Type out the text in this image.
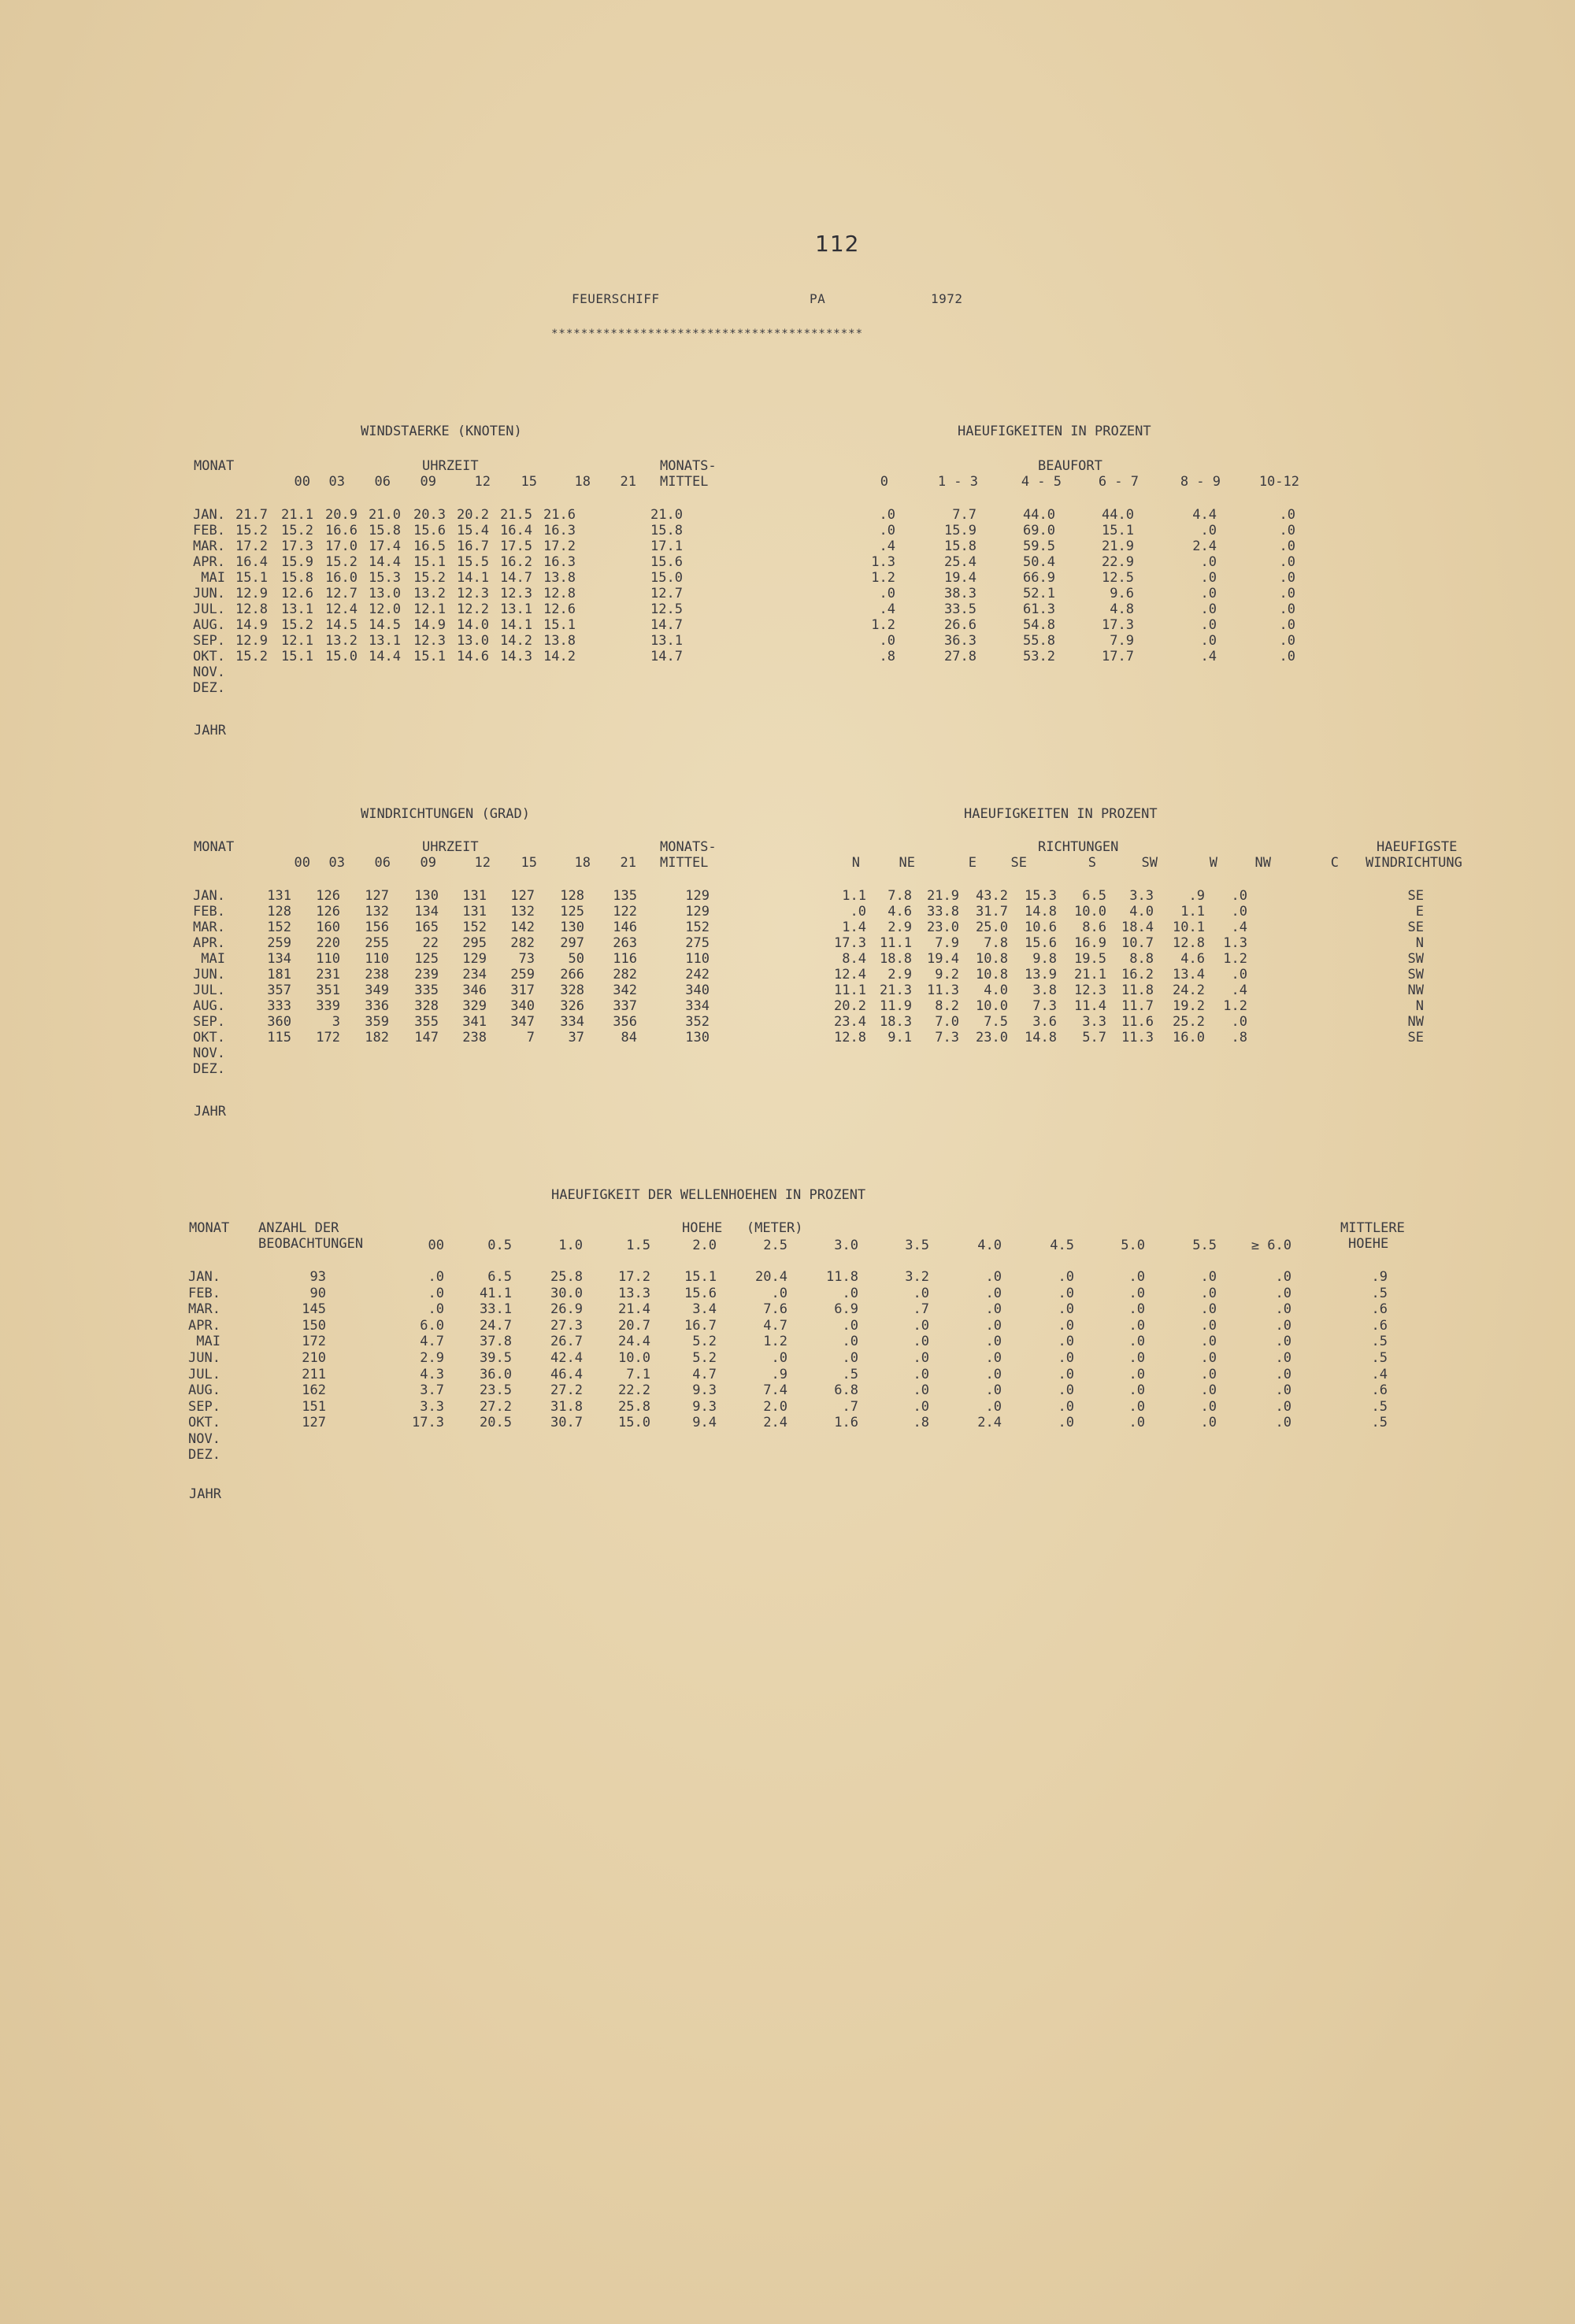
112
FEUERSCHIFF	PA	1972
******************************************
WINDSTAERKE (KNOTEN)	HAEUFIGKEITEN IN PROZENT
MONAT	UHRZEIT	MONATS-	BEAUFORT
MITTEL
00	03	06	09	12	15	18	21	0	1 - 3	4 - 5	6 - 7	8 - 9	10-12
JAN. 21.7	21.1 20.9 21.0 20.3 20.2 21.5 21.6	21.0	.0	7.7	44.0	44.0	4.4	.0
FEB. 15.2	15.2 16.6 15.8 15.6 15.4 16.4 16.3	15.8	.0	15.9	69.0	15.1	.0	.0
MAR. 17.2	17.3 17.0 17.4 16.5 16.7 17.5 17.2	17.1	.4	15.8	59.5	21.9	2.4	.0
APR. 16.4	15.9 15.2 14.4 15.1 15.5 16.2 16.3	15.6	1.3	25.4	50.4	22.9	.0	.0
MAI 15.1	15.8 16.0 15.3 15.2 14.1 14.7 13.8	15.0	1.2	19.4	66.9	12.5	.0	.0
JUN. 12.9	12.6 12.7 13.0 13.2 12.3 12.3 12.8	12.7	.0	38.3	52.1	9.6	.0	.0
JUL. 12.8	13.1 12.4 12.0 12.1 12.2 13.1 12.6	12.5	.4	33.5	61.3	4.8	.0	.0
AUG. 14.9	15.2 14.5 14.5 14.9 14.0 14.1 15.1	14.7	1.2	26.6	54.8	17.3	.0	.0
SEP. 12.9	12.1 13.2 13.1 12.3 13.0 14.2 13.8	13.1	.0	36.3	55.8	7.9	.0	.0
OKT. 15.2	15.1 15.0 14.4 15.1 14.6 14.3 14.2	14.7	.8	27.8	53.2	17.7	.4	.0
NOV.
DEZ.
JAHR
WINDRICHTUNGEN (GRAD)	HAEUFIGKEITEN IN PROZENT
MONAT	UHRZEIT	MONATS-	RICHTUNGEN	HAEUFIGSTE
MITTEL	WINDRICHTUNG
00	03	06	09	12	15	18	21	N	NE	E	SE	S	SW	W	NW	C
JAN.	131	126	127	130	131	127	128	135	129	1.1	7.8	21.9	43.2	15.3	6.5	3.3	.9	.0	SE
FEB.	128	126	132	134	131	132	125	122	129	.0	4.6	33.8	31.7	14.8	10.0	4.0	1.1	.0	E
MAR.	152	160	156	165	152	142	130	146	152	1.4	2.9	23.0	25.0	10.6	8.6	18.4	10.1	.4	SE
APR.	259	220	255	22	295	282	297	263	275	17.3	11.1	7.9	7.8	15.6	16.9	10.7	12.8	1.3	N
MAI	134	110	110	125	129	73	50	116	110	8.4	18.8	19.4	10.8	9.8	19.5	8.8	4.6	1.2	SW
JUN.	181	231	238	239	234	259	266	282	242	12.4	2.9	9.2	10.8	13.9	21.1	16.2	13.4	.0	SW
JUL.	357	351	349	335	346	317	328	342	340	11.1	21.3	11.3	4.0	3.8	12.3	11.8	24.2	.4	NW
AUG.	333	339	336	328	329	340	326	337	334	20.2	11.9	8.2	10.0	7.3	11.4	11.7	19.2	1.2	N
SEP.	360	3	359	355	341	347	334	356	352	23.4	18.3	7.0	7.5	3.6	3.3	11.6	25.2	.0	NW
OKT.	115	172	182	147	238	7	37	84	130	12.8	9.1	7.3	23.0	14.8	5.7	11.3	16.0	.8	SE
NOV.
DEZ.
JAHR
HAEUFIGKEIT DER WELLENHOEHEN IN PROZENT
MONAT ANZAHL DER	HOEHE   (METER)	MITTLERE
BEOBACHTUNGEN	HOEHE
00	0.5	1.0	1.5	2.0	2.5	3.0	3.5	4.0	4.5	5.0	5.5	≥ 6.0
JAN.	93	.0	6.5	25.8	17.2	15.1	20.4	11.8	3.2	.0	.0	.0	.0	.0	.9
FEB.	90	.0	41.1	30.0	13.3	15.6	.0	.0	.0	.0	.0	.0	.0	.0	.5
MAR.	145	.0	33.1	26.9	21.4	3.4	7.6	6.9	.7	.0	.0	.0	.0	.0	.6
APR.	150	6.0	24.7	27.3	20.7	16.7	4.7	.0	.0	.0	.0	.0	.0	.0	.6
MAI	172	4.7	37.8	26.7	24.4	5.2	1.2	.0	.0	.0	.0	.0	.0	.0	.5
JUN.	210	2.9	39.5	42.4	10.0	5.2	.0	.0	.0	.0	.0	.0	.0	.0	.5
JUL.	211	4.3	36.0	46.4	7.1	4.7	.9	.5	.0	.0	.0	.0	.0	.0	.4
AUG.	162	3.7	23.5	27.2	22.2	9.3	7.4	6.8	.0	.0	.0	.0	.0	.0	.6
SEP.	151	3.3	27.2	31.8	25.8	9.3	2.0	.7	.0	.0	.0	.0	.0	.0	.5
OKT.	127	17.3	20.5	30.7	15.0	9.4	2.4	1.6	.8	2.4	.0	.0	.0	.0	.5
NOV.
DEZ.
JAHR
